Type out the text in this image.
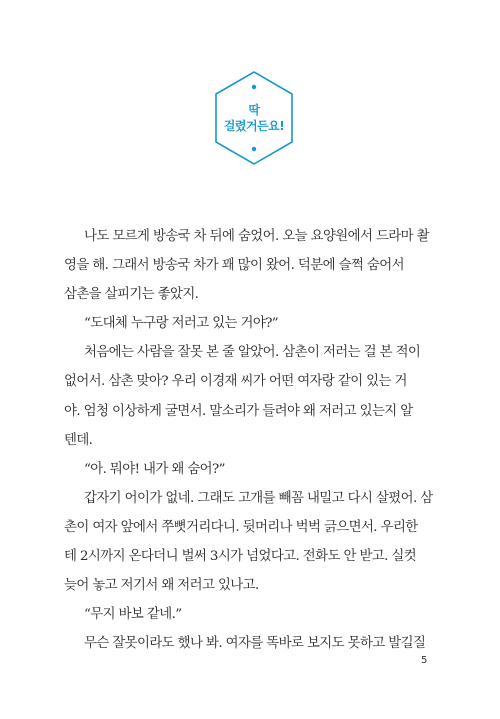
딱
걸렸거든요!
나도 모르게 방송국 차 뒤에 숨었어. 오늘 요양원에서 드라마 촬
영을 해. 그래서 방송국 차가 꽤 많이 왔어. 덕분에 슬쩍 숨어서
삼촌을 살피기는 좋았지.
“도대체 누구랑 저러고 있는 거야?”
처음에는 사람을 잘못 본 줄 알았어. 삼촌이 저러는 걸 본 적이
없어서. 삼촌 맞아? 우리 이경재 씨가 어떤 여자랑 같이 있는 거
야. 엄청 이상하게 굴면서. 말소리가 들려야 왜 저러고 있는지 알
텐데.
“아. 뭐야! 내가 왜 숨어?”
갑자기 어이가 없네. 그래도 고개를 빼꼼 내밀고 다시 살폈어. 삼
촌이 여자 앞에서 쭈뼛거리다니. 뒷머리나 벅벅 긁으면서. 우리한
테 2시까지 온다더니 벌써 3시가 넘었다고. 전화도 안 받고. 실컷
늦어 놓고 저기서 왜 저러고 있나고.
“무지 바보 같네.”
무슨 잘못이라도 했나 봐. 여자를 똑바로 보지도 못하고 발길질
5
